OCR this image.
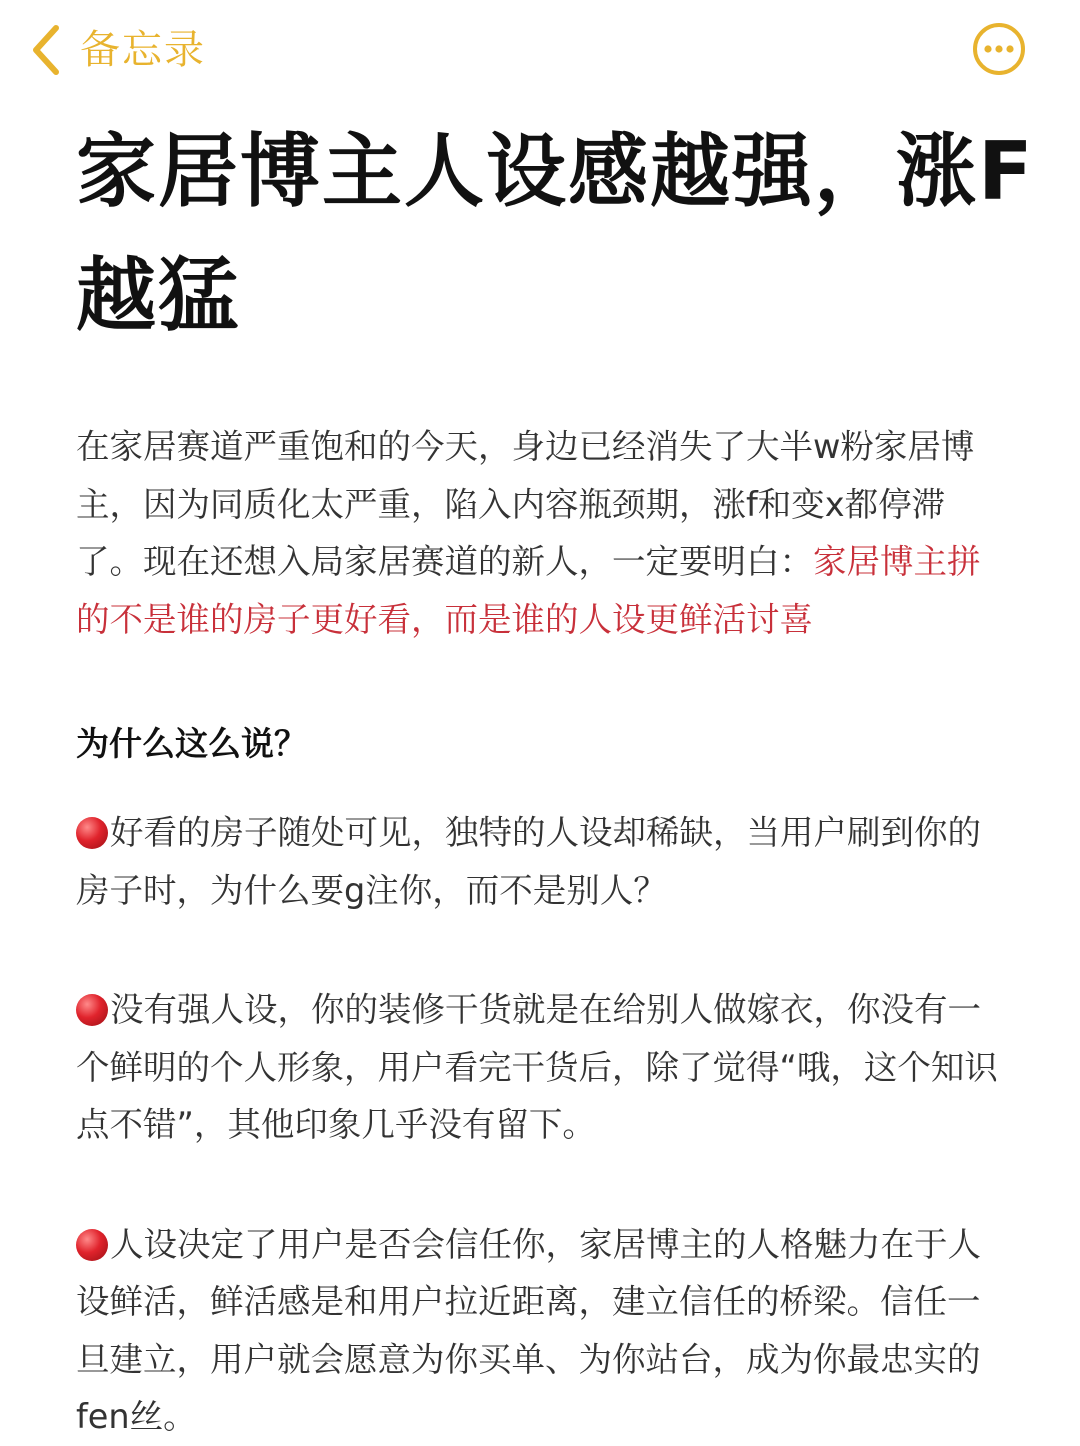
备忘录
家居博主人设感越强，涨F越猛

在家居赛道严重饱和的今天，身边已经消失了大半w粉家居博主，因为同质化太严重，陷入内容瓶颈期，涨f和变x都停滞了。现在还想入局家居赛道的新人，一定要明白：家居博主拼的不是谁的房子更好看，而是谁的人设更鲜活讨喜

为什么这么说？

好看的房子随处可见，独特的人设却稀缺，当用户刷到你的房子时，为什么要g注你，而不是别人？

没有强人设，你的装修干货就是在给别人做嫁衣，你没有一个鲜明的个人形象，用户看完干货后，除了觉得“哦，这个知识点不错”，其他印象几乎没有留下。

人设决定了用户是否会信任你，家居博主的人格魅力在于人设鲜活，鲜活感是和用户拉近距离，建立信任的桥梁。信任一旦建立，用户就会愿意为你买单、为你站台，成为你最忠实的fen丝。
